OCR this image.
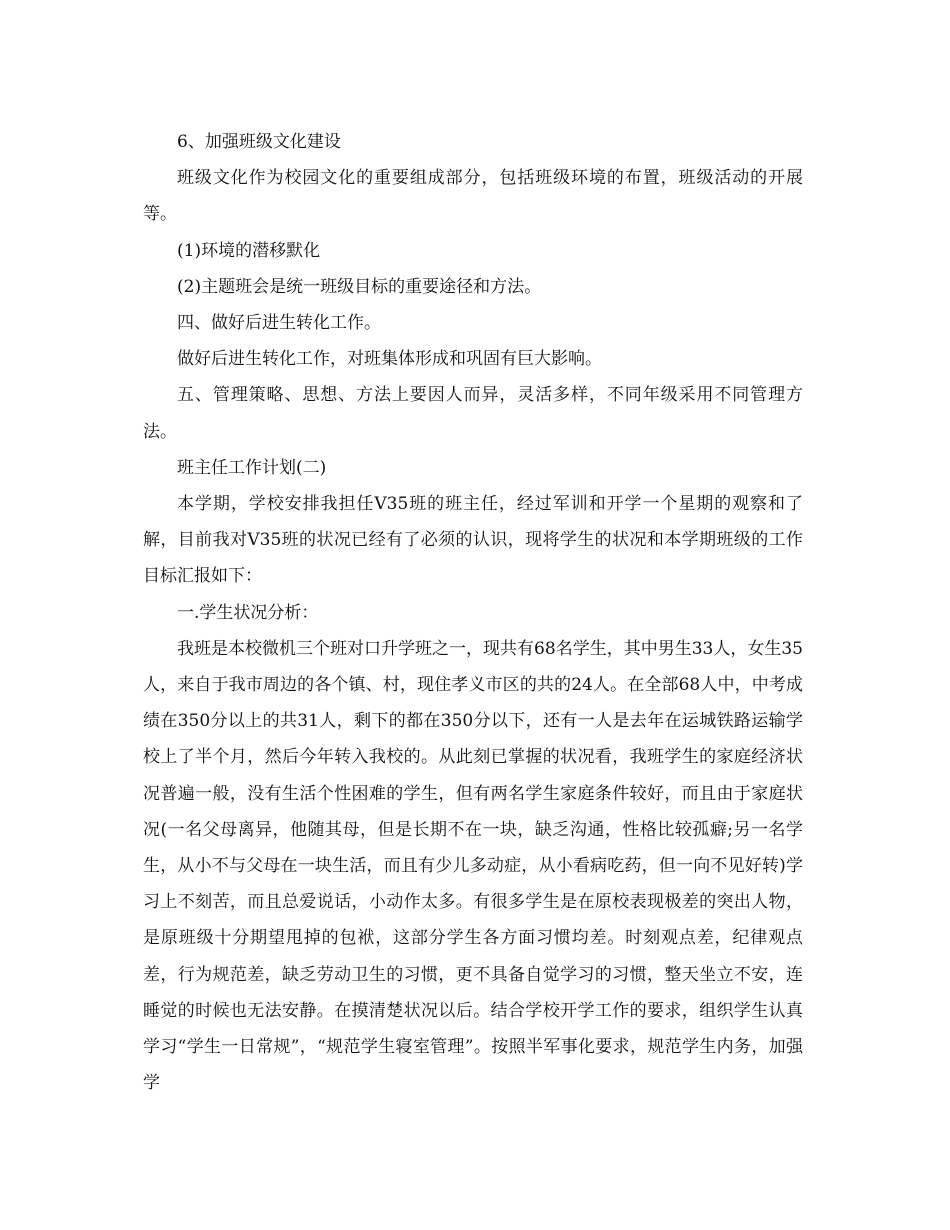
6、加强班级文化建设

班级文化作为校园文化的重要组成部分，包括班级环境的布置，班级活动的开展等。

(1)环境的潜移默化

(2)主题班会是统一班级目标的重要途径和方法。

四、做好后进生转化工作。

做好后进生转化工作，对班集体形成和巩固有巨大影响。

五、管理策略、思想、方法上要因人而异，灵活多样，不同年级采用不同管理方法。

班主任工作计划(二)

本学期，学校安排我担任V35班的班主任，经过军训和开学一个星期的观察和了解，目前我对V35班的状况已经有了必须的认识，现将学生的状况和本学期班级的工作目标汇报如下：

一.学生状况分析：

我班是本校微机三个班对口升学班之一，现共有68名学生，其中男生33人，女生35人，来自于我市周边的各个镇、村，现住孝义市区的共的24人。在全部68人中，中考成绩在350分以上的共31人，剩下的都在350分以下，还有一人是去年在运城铁路运输学校上了半个月，然后今年转入我校的。从此刻已掌握的状况看，我班学生的家庭经济状况普遍一般，没有生活个性困难的学生，但有两名学生家庭条件较好，而且由于家庭状况(一名父母离异，他随其母，但是长期不在一块，缺乏沟通，性格比较孤癖;另一名学生，从小不与父母在一块生活，而且有少儿多动症，从小看病吃药，但一向不见好转)学习上不刻苦，而且总爱说话，小动作太多。有很多学生是在原校表现极差的突出人物，是原班级十分期望甩掉的包袱，这部分学生各方面习惯均差。时刻观点差，纪律观点差，行为规范差，缺乏劳动卫生的习惯，更不具备自觉学习的习惯，整天坐立不安，连睡觉的时候也无法安静。在摸清楚状况以后。结合学校开学工作的要求，组织学生认真学习“学生一日常规”，“规范学生寝室管理”。按照半军事化要求，规范学生内务，加强学
